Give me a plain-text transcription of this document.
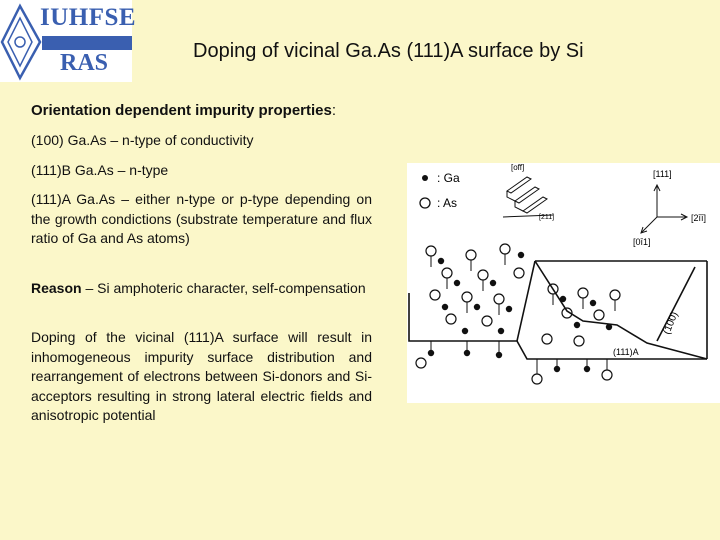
IUHFSE
RAS	Doping of vicinal Ga.As (111)A surface by Si
Orientation dependent impurity properties:

(100) Ga.As – n-type of conductivity

(111)B Ga.As – n-type

(111)A Ga.As – either n-type or p-type depending on the growth condictions (substrate temperature and flux ratio of Ga and As atoms)

Reason – Si amphoteric character, self-compensation

Doping of the vicinal (111)A surface will result in inhomogeneous impurity surface distribution and rearrangement of electrons between Si-donors and Si-acceptors resulting in strong lateral electric fields and anisotropic potential

: Ga
: As
[off]
[211]
[111]
[2īī]
[0ī1]
(111)A
(100)
